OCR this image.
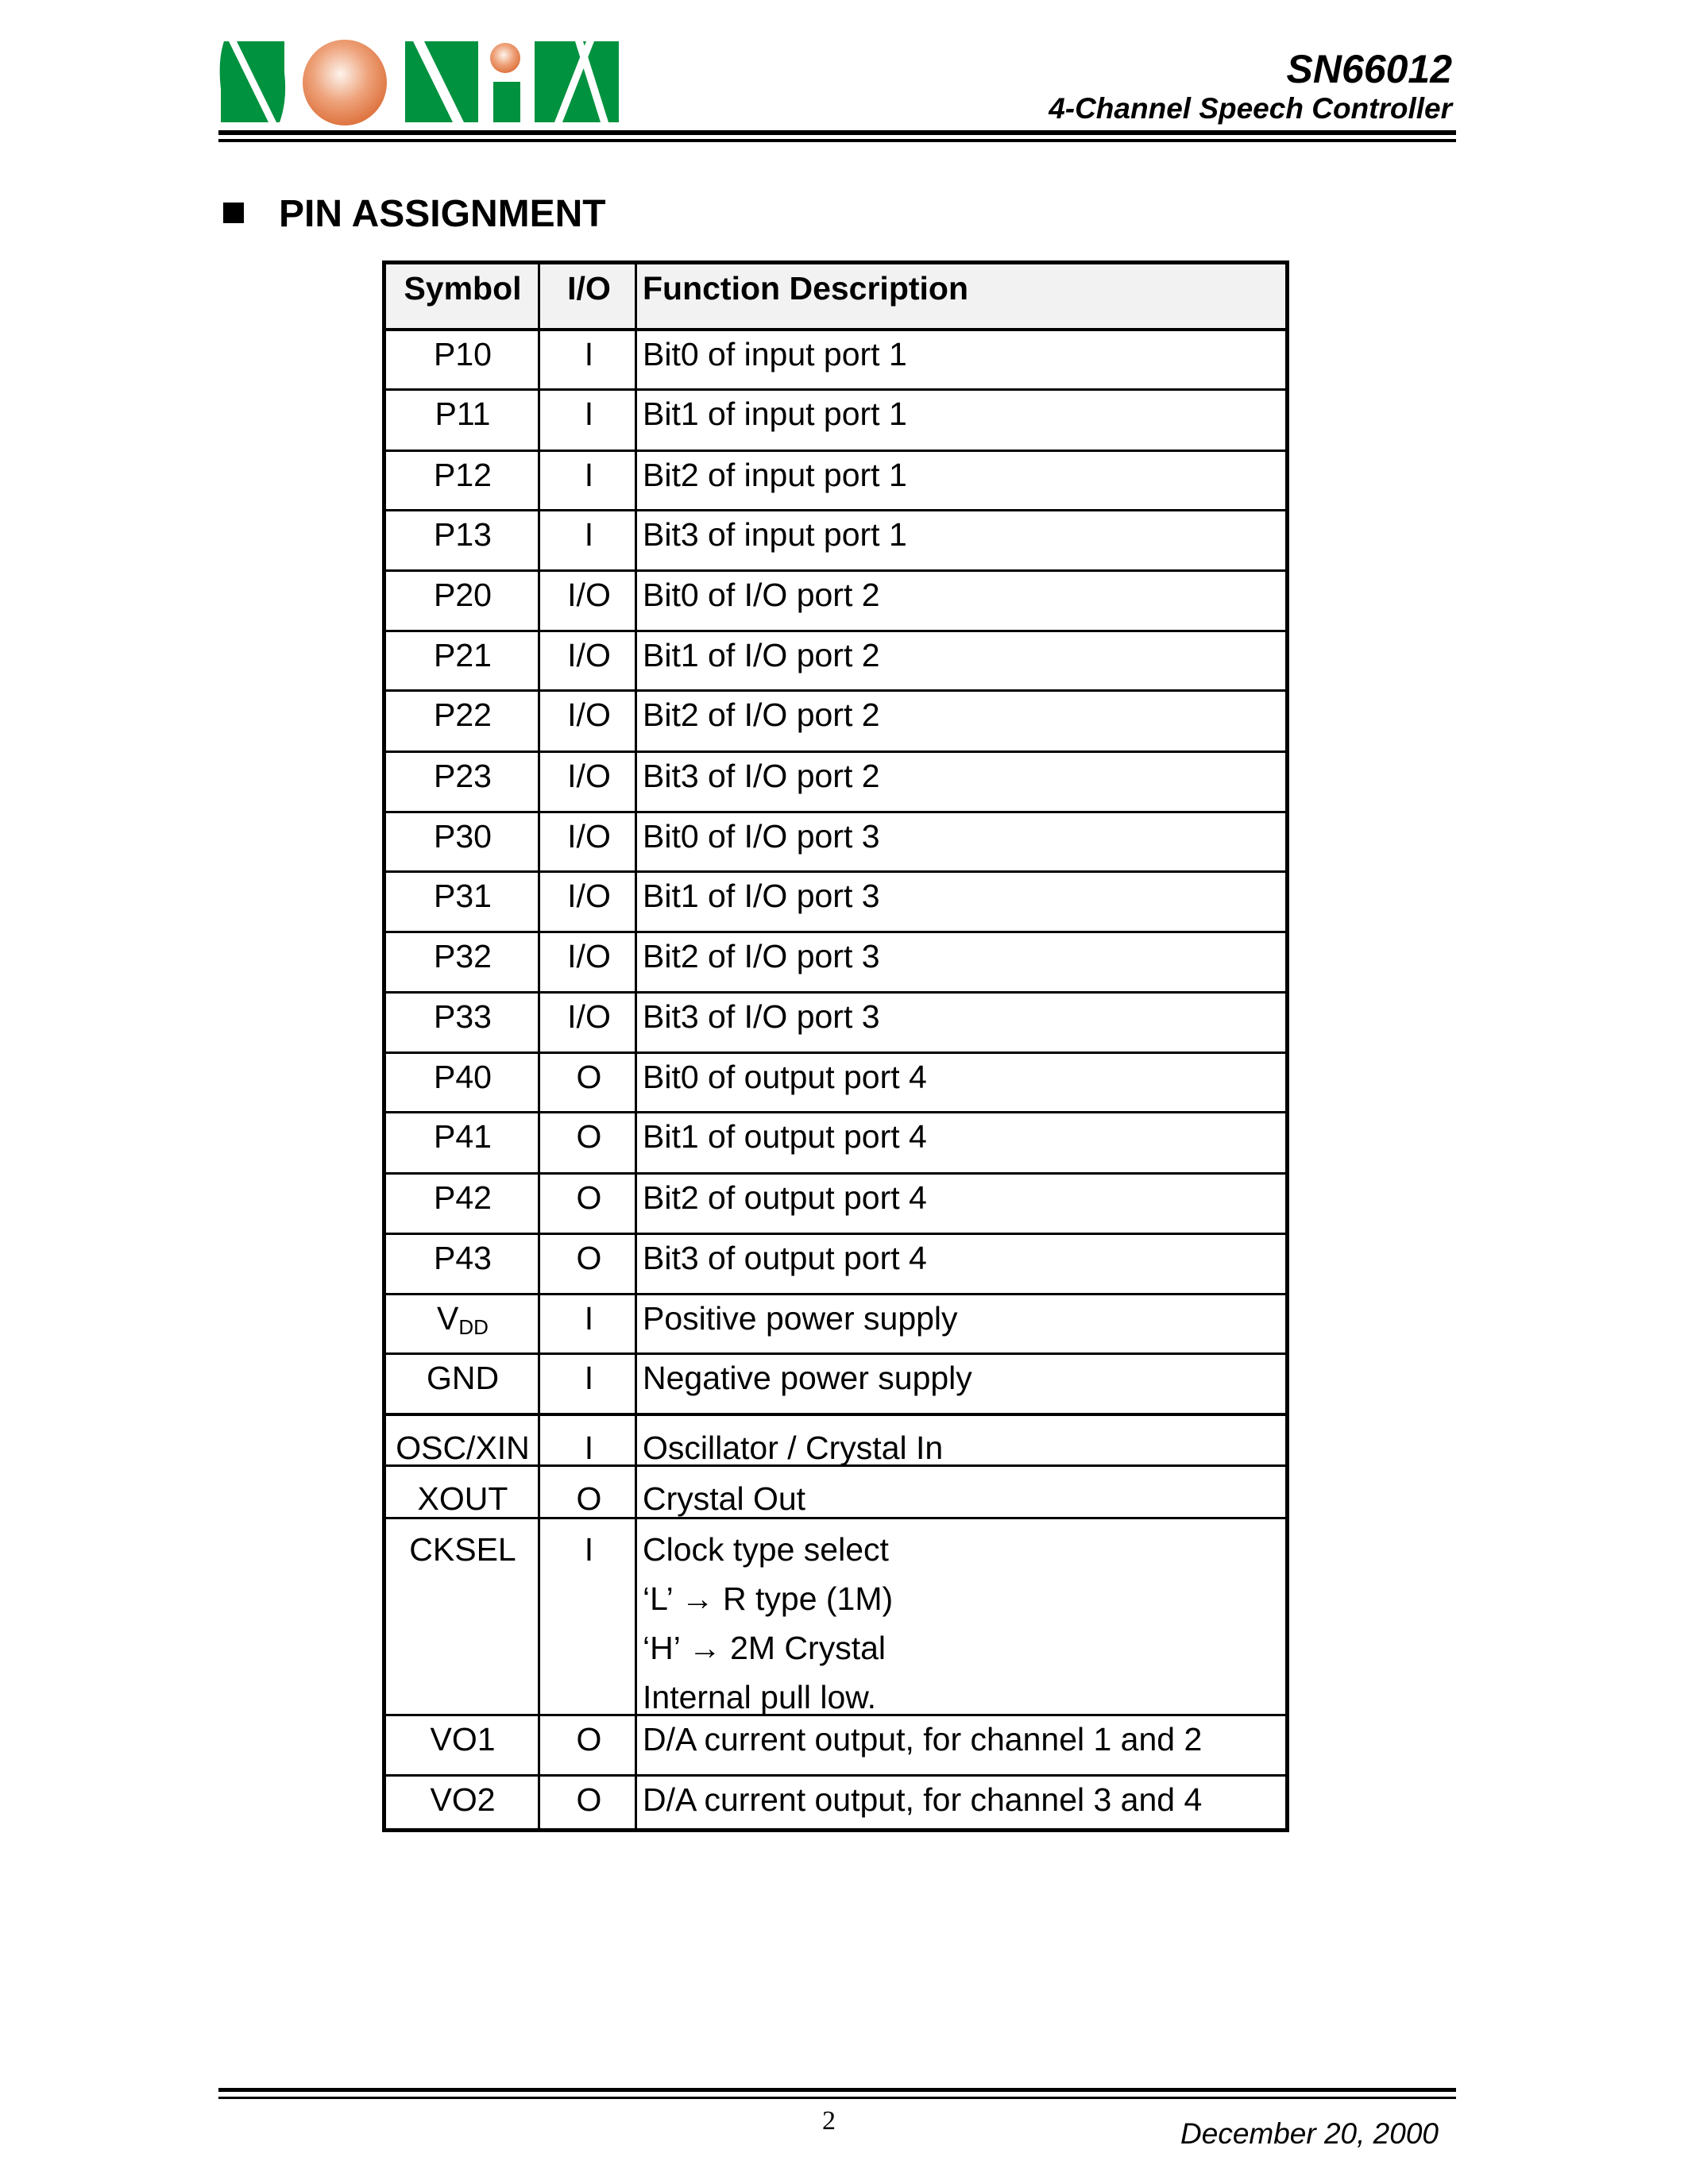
SN66012
4-Channel Speech Controller
PIN ASSIGNMENT
Symbol	I/O Function Description
P10	I	Bit0 of input port 1
P11	I	Bit1 of input port 1
P12	I	Bit2 of input port 1
P13	I	Bit3 of input port 1
P20	I/O Bit0 of I/O port 2
P21	I/O Bit1 of I/O port 2
P22	I/O Bit2 of I/O port 2
P23	I/O Bit3 of I/O port 2
P30	I/O Bit0 of I/O port 3
P31	I/O Bit1 of I/O port 3
P32	I/O Bit2 of I/O port 3
P33	I/O Bit3 of I/O port 3
P40	O	Bit0 of output port 4
P41	O	Bit1 of output port 4
P42	O	Bit2 of output port 4
P43	O	Bit3 of output port 4
$V_{DD}$	I	Positive power supply
GND	I	Negative power supply
OSC/XIN	I	Oscillator / Crystal In
XOUT	O	Crystal Out
CKSEL	I	Clock type select
‘L’ → R type (1M)
‘H’ → 2M Crystal
Internal pull low.
VO1	O	D/A current output, for channel 1 and 2
VO2	O	D/A current output, for channel 3 and 4
2	December 20, 2000
